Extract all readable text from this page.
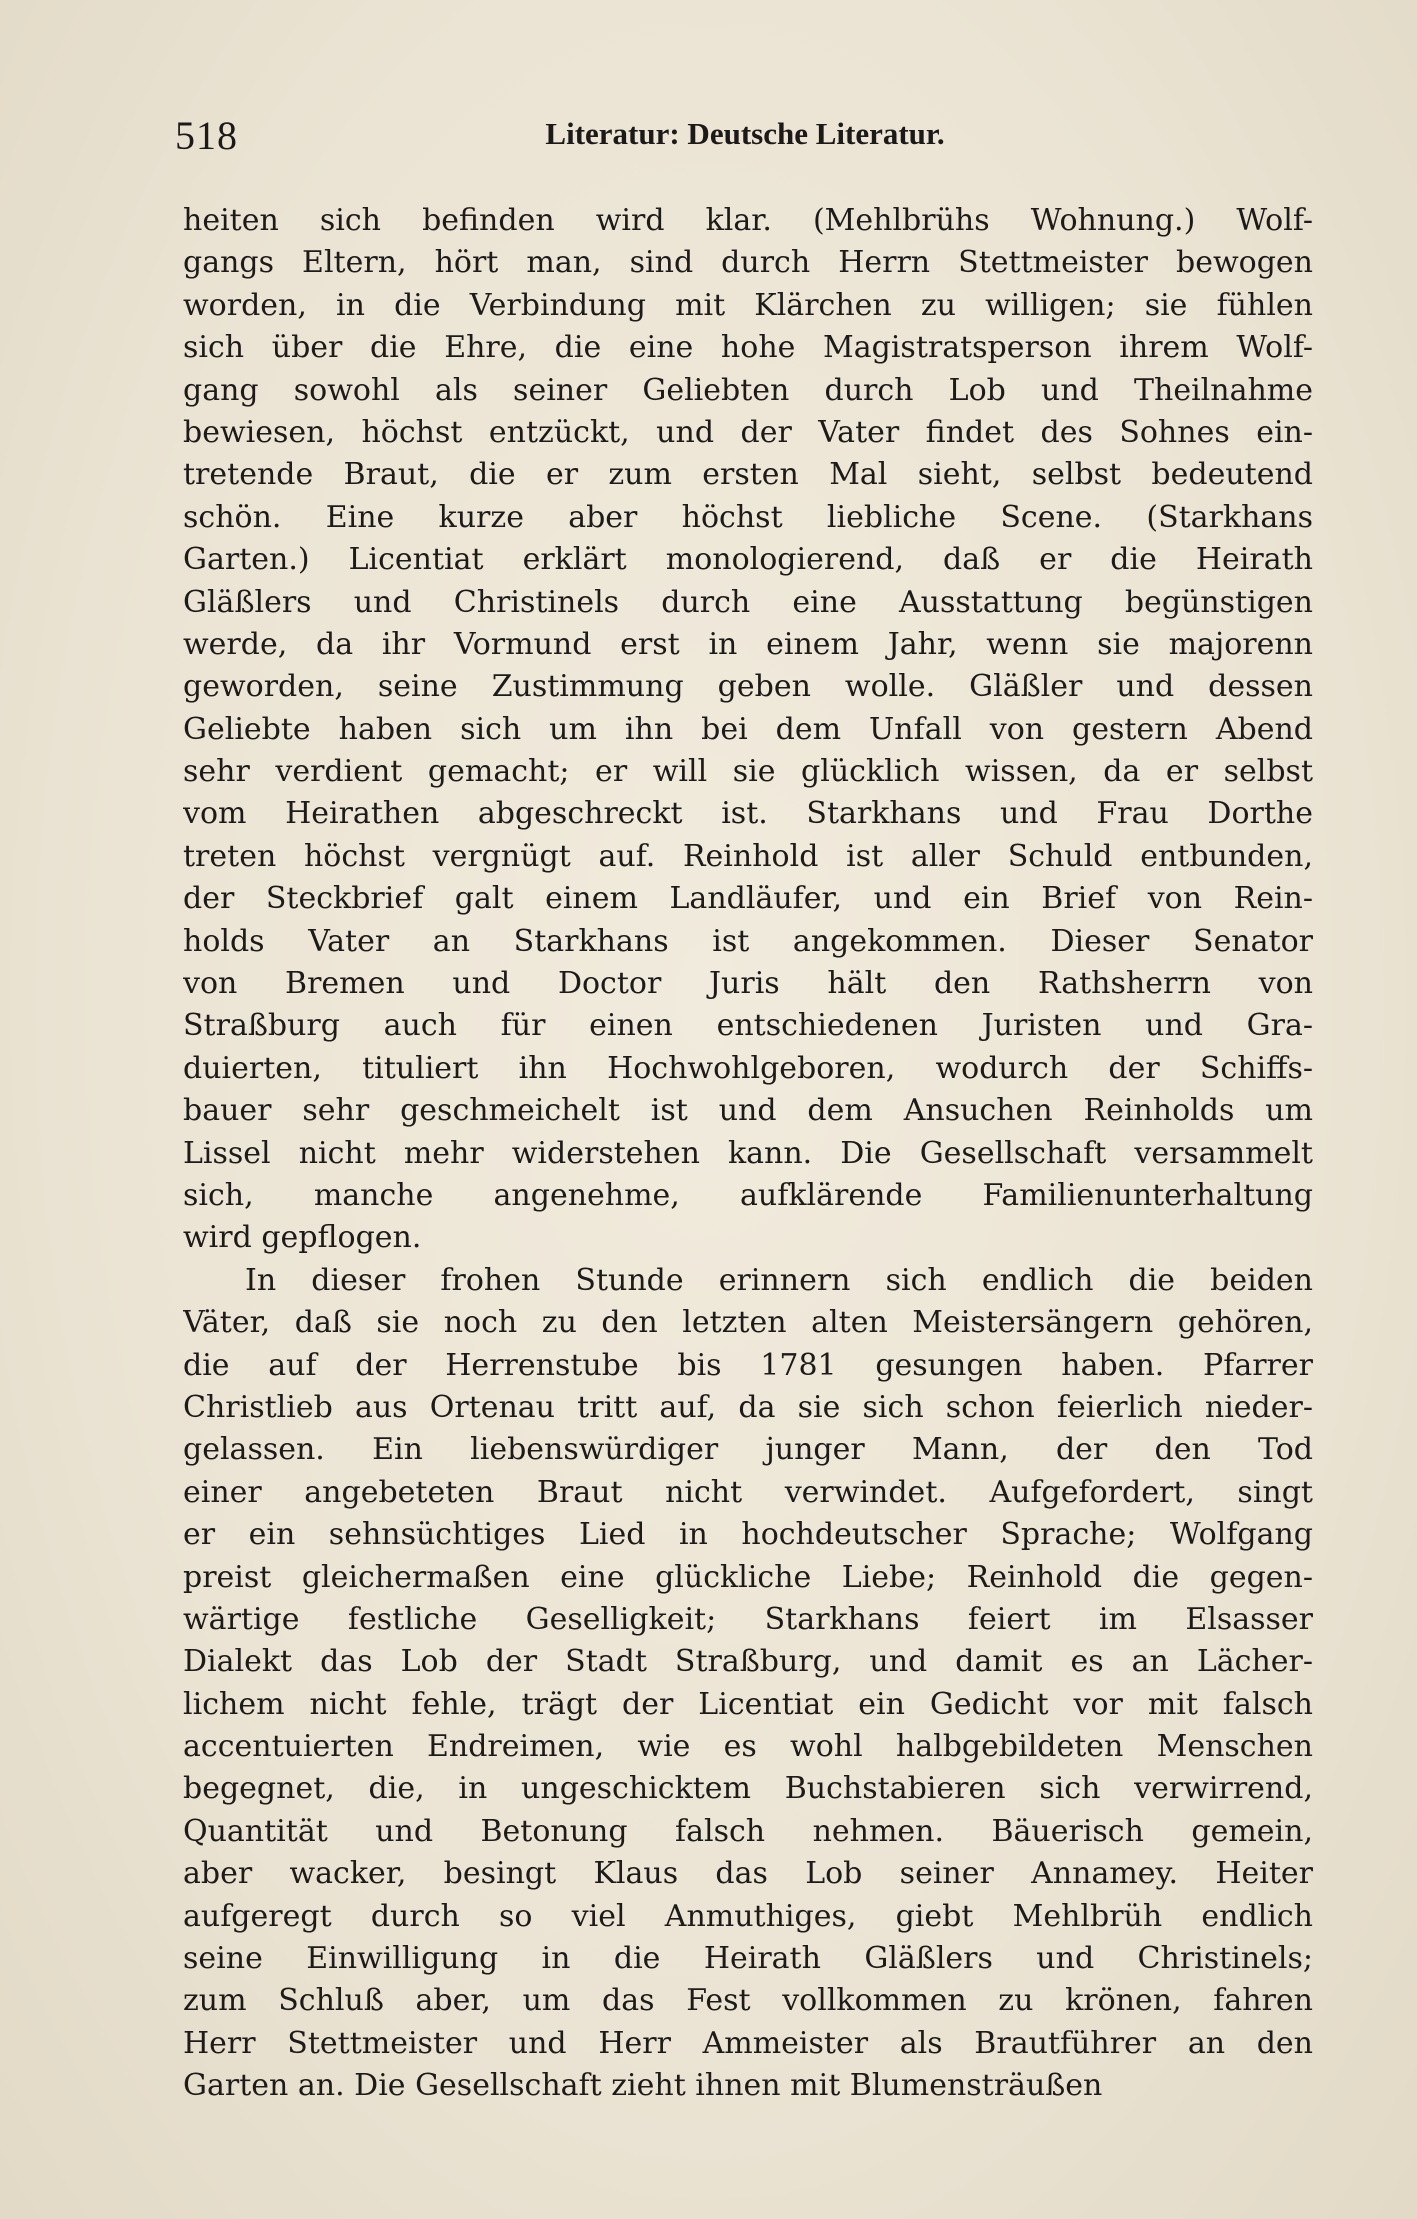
518	Literatur: Deutsche Literatur.
heiten sich befinden wird klar. (Mehlbrühs Wohnung.) Wolf-
gangs Eltern, hört man, sind durch Herrn Stettmeister bewogen
worden, in die Verbindung mit Klärchen zu willigen; sie fühlen
sich über die Ehre, die eine hohe Magistratsperson ihrem Wolf-
gang sowohl als seiner Geliebten durch Lob und Theilnahme
bewiesen, höchst entzückt, und der Vater findet des Sohnes ein-
tretende Braut, die er zum ersten Mal sieht, selbst bedeutend
schön. Eine kurze aber höchst liebliche Scene. (Starkhans
Garten.) Licentiat erklärt monologierend, daß er die Heirath
Gläßlers und Christinels durch eine Ausstattung begünstigen
werde, da ihr Vormund erst in einem Jahr, wenn sie majorenn
geworden, seine Zustimmung geben wolle. Gläßler und dessen
Geliebte haben sich um ihn bei dem Unfall von gestern Abend
sehr verdient gemacht; er will sie glücklich wissen, da er selbst
vom Heirathen abgeschreckt ist. Starkhans und Frau Dorthe
treten höchst vergnügt auf. Reinhold ist aller Schuld entbunden,
der Steckbrief galt einem Landläufer, und ein Brief von Rein-
holds Vater an Starkhans ist angekommen. Dieser Senator
von Bremen und Doctor Juris hält den Rathsherrn von
Straßburg auch für einen entschiedenen Juristen und Gra-
duierten, tituliert ihn Hochwohlgeboren, wodurch der Schiffs-
bauer sehr geschmeichelt ist und dem Ansuchen Reinholds um
Lissel nicht mehr widerstehen kann. Die Gesellschaft versammelt
sich, manche angenehme, aufklärende Familienunterhaltung
wird gepflogen.
In dieser frohen Stunde erinnern sich endlich die beiden
Väter, daß sie noch zu den letzten alten Meistersängern gehören,
die auf der Herrenstube bis 1781 gesungen haben. Pfarrer
Christlieb aus Ortenau tritt auf, da sie sich schon feierlich nieder-
gelassen. Ein liebenswürdiger junger Mann, der den Tod
einer angebeteten Braut nicht verwindet. Aufgefordert, singt
er ein sehnsüchtiges Lied in hochdeutscher Sprache; Wolfgang
preist gleichermaßen eine glückliche Liebe; Reinhold die gegen-
wärtige festliche Geselligkeit; Starkhans feiert im Elsasser
Dialekt das Lob der Stadt Straßburg, und damit es an Lächer-
lichem nicht fehle, trägt der Licentiat ein Gedicht vor mit falsch
accentuierten Endreimen, wie es wohl halbgebildeten Menschen
begegnet, die, in ungeschicktem Buchstabieren sich verwirrend,
Quantität und Betonung falsch nehmen. Bäuerisch gemein,
aber wacker, besingt Klaus das Lob seiner Annamey. Heiter
aufgeregt durch so viel Anmuthiges, giebt Mehlbrüh endlich
seine Einwilligung in die Heirath Gläßlers und Christinels;
zum Schluß aber, um das Fest vollkommen zu krönen, fahren
Herr Stettmeister und Herr Ammeister als Brautführer an den
Garten an. Die Gesellschaft zieht ihnen mit Blumensträußen
